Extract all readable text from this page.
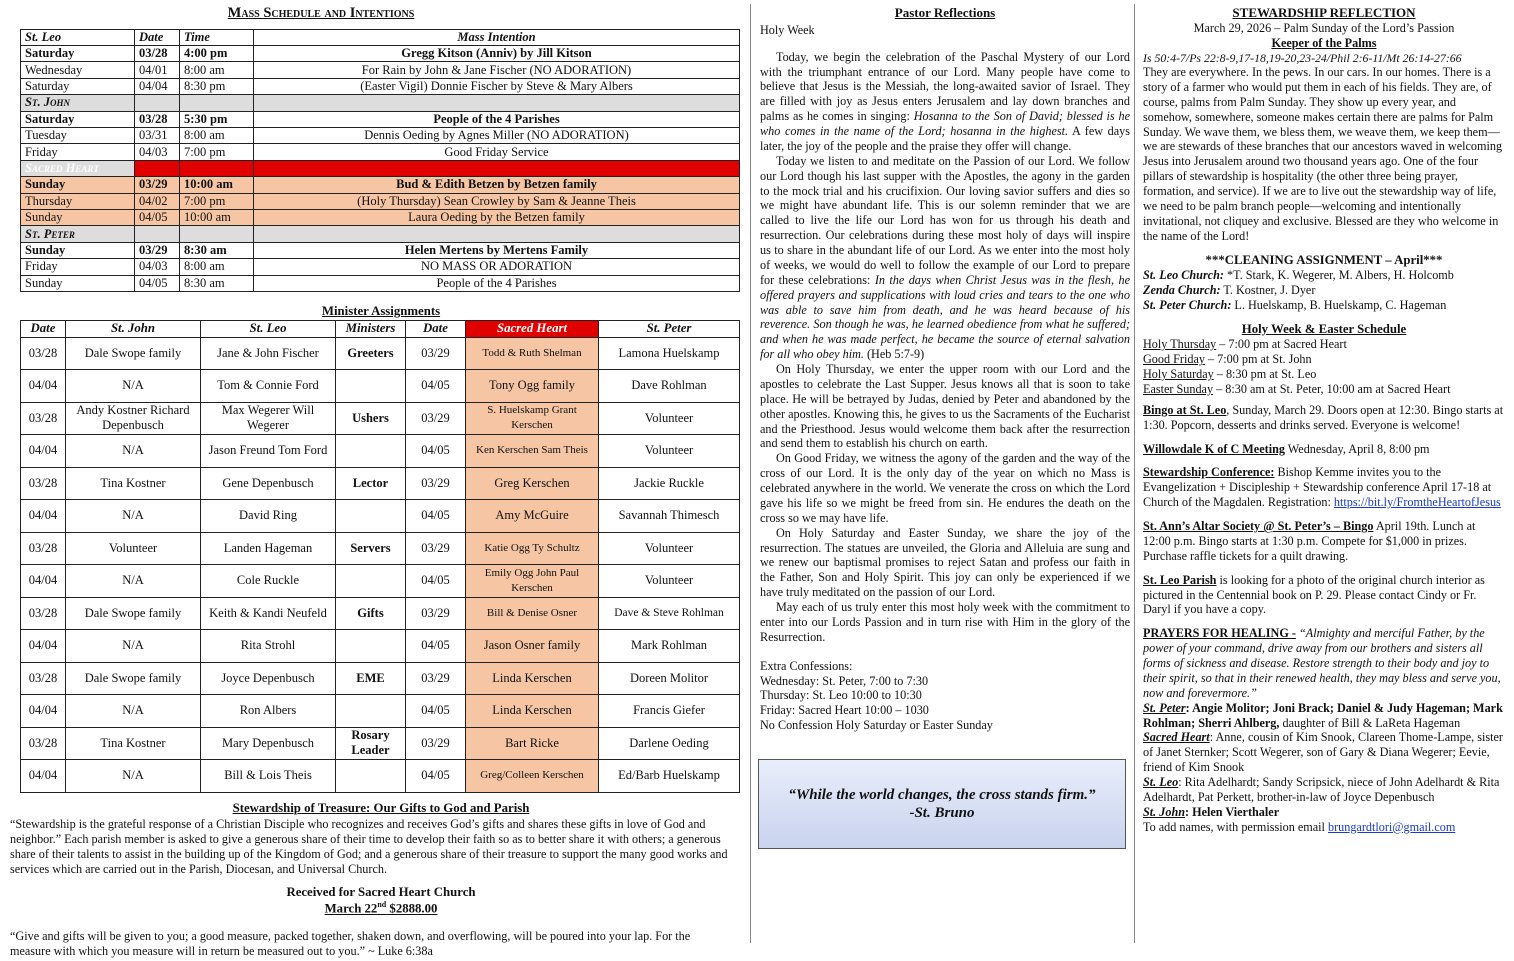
Mass Schedule and Intentions
St. Leo	Date	Time	Mass Intention
Saturday	03/28	4:00 pm	Gregg Kitson (Anniv) by Jill Kitson
Wednesday	04/01	8:00 am	For Rain by John & Jane Fischer (NO ADORATION)
Saturday	04/04	8:30 pm	(Easter Vigil) Donnie Fischer by Steve & Mary Albers
St. John			
Saturday	03/28	5:30 pm	People of the 4 Parishes
Tuesday	03/31	8:00 am	Dennis Oeding by Agnes Miller (NO ADORATION)
Friday	04/03	7:00 pm	Good Friday Service
Sacred Heart			
Sunday	03/29	10:00 am	Bud & Edith Betzen by Betzen family
Thursday	04/02	7:00 pm	(Holy Thursday) Sean Crowley by Sam & Jeanne Theis
Sunday	04/05	10:00 am	Laura Oeding by the Betzen family
St. Peter			
Sunday	03/29	8:30 am	Helen Mertens by Mertens Family
Friday	04/03	8:00 am	NO MASS OR ADORATION
Sunday	04/05	8:30 am	People of the 4 Parishes
Minister Assignments
Date	St. John	St. Leo	Ministers	Date	Sacred Heart	St. Peter
03/28	Dale Swope family	Jane & John Fischer	Greeters	03/29	Todd & Ruth Shelman	Lamona Huelskamp
04/04	N/A	Tom & Connie Ford		04/05	Tony Ogg family	Dave Rohlman
03/28	Andy Kostner Richard Depenbusch	Max Wegerer Will Wegerer	Ushers	03/29	S. Huelskamp Grant Kerschen	Volunteer
04/04	N/A	Jason Freund Tom Ford		04/05	Ken Kerschen Sam Theis	Volunteer
03/28	Tina Kostner	Gene Depenbusch	Lector	03/29	Greg Kerschen	Jackie Ruckle
04/04	N/A	David Ring		04/05	Amy McGuire	Savannah Thimesch
03/28	Volunteer	Landen Hageman	Servers	03/29	Katie Ogg Ty Schultz	Volunteer
04/04	N/A	Cole Ruckle		04/05	Emily Ogg John Paul Kerschen	Volunteer
03/28	Dale Swope family	Keith & Kandi Neufeld	Gifts	03/29	Bill & Denise Osner	Dave & Steve Rohlman
04/04	N/A	Rita Strohl		04/05	Jason Osner family	Mark Rohlman
03/28	Dale Swope family	Joyce Depenbusch	EME	03/29	Linda Kerschen	Doreen Molitor
04/04	N/A	Ron Albers		04/05	Linda Kerschen	Francis Giefer
03/28	Tina Kostner	Mary Depenbusch	Rosary Leader	03/29	Bart Ricke	Darlene Oeding
04/04	N/A	Bill & Lois Theis		04/05	Greg/Colleen Kerschen	Ed/Barb Huelskamp
Stewardship of Treasure: Our Gifts to God and Parish

“Stewardship is the grateful response of a Christian Disciple who recognizes and receives God’s gifts and shares these gifts in love of God and neighbor.” Each parish member is asked to give a generous share of their time to develop their faith so as to better share it with others; a generous share of their talents to assist in the building up of the Kingdom of God; and a generous share of their treasure to support the many good works and services which are carried out in the Parish, Diocesan, and Universal Church.

Received for Sacred Heart Church
March 22nd $2888.00

“Give and gifts will be given to you; a good measure, packed together, shaken down, and overflowing, will be poured into your lap. For the measure with which you measure will in return be measured out to you.” ~ Luke 6:38a

Pastor Reflections
Holy Week

Today, we begin the celebration of the Paschal Mystery of our Lord with the triumphant entrance of our Lord. Many people have come to believe that Jesus is the Messiah, the long-awaited savior of Israel. They are filled with joy as Jesus enters Jerusalem and lay down branches and palms as he comes in singing: Hosanna to the Son of David; blessed is he who comes in the name of the Lord; hosanna in the highest. A few days later, the joy of the people and the praise they offer will change.

Today we listen to and meditate on the Passion of our Lord. We follow our Lord though his last supper with the Apostles, the agony in the garden to the mock trial and his crucifixion. Our loving savior suffers and dies so we might have abundant life. This is our solemn reminder that we are called to live the life our Lord has won for us through his death and resurrection. Our celebrations during these most holy of days will inspire us to share in the abundant life of our Lord. As we enter into the most holy of weeks, we would do well to follow the example of our Lord to prepare for these celebrations: In the days when Christ Jesus was in the flesh, he offered prayers and supplications with loud cries and tears to the one who was able to save him from death, and he was heard because of his reverence. Son though he was, he learned obedience from what he suffered; and when he was made perfect, he became the source of eternal salvation for all who obey him. (Heb 5:7-9)

On Holy Thursday, we enter the upper room with our Lord and the apostles to celebrate the Last Supper. Jesus knows all that is soon to take place. He will be betrayed by Judas, denied by Peter and abandoned by the other apostles. Knowing this, he gives to us the Sacraments of the Eucharist and the Priesthood. Jesus would welcome them back after the resurrection and send them to establish his church on earth.

On Good Friday, we witness the agony of the garden and the way of the cross of our Lord. It is the only day of the year on which no Mass is celebrated anywhere in the world. We venerate the cross on which the Lord gave his life so we might be freed from sin. He endures the death on the cross so we may have life.

On Holy Saturday and Easter Sunday, we share the joy of the resurrection. The statues are unveiled, the Gloria and Alleluia are sung and we renew our baptismal promises to reject Satan and profess our faith in the Father, Son and Holy Spirit. This joy can only be experienced if we have truly meditated on the passion of our Lord.

May each of us truly enter this most holy week with the commitment to enter into our Lords Passion and in turn rise with Him in the glory of the Resurrection.

Extra Confessions:
Wednesday: St. Peter, 7:00 to 7:30
Thursday: St. Leo 10:00 to 10:30
Friday: Sacred Heart 10:00 – 1030
No Confession Holy Saturday or Easter Sunday
“While the world changes, the cross stands firm.”
-St. Bruno
STEWARDSHIP REFLECTION
March 29, 2026 – Palm Sunday of the Lord’s Passion
Keeper of the Palms
Is 50:4-7/Ps 22:8-9,17-18,19-20,23-24/Phil 2:6-11/Mt 26:14-27:66

They are everywhere. In the pews. In our cars. In our homes. There is a story of a farmer who would put them in each of his fields. They are, of course, palms from Palm Sunday. They show up every year, and somehow, somewhere, someone makes certain there are palms for Palm Sunday. We wave them, we bless them, we weave them, we keep them—we are stewards of these branches that our ancestors waved in welcoming Jesus into Jerusalem around two thousand years ago. One of the four pillars of stewardship is hospitality (the other three being prayer, formation, and service). If we are to live out the stewardship way of life, we need to be palm branch people—welcoming and intentionally invitational, not cliquey and exclusive. Blessed are they who welcome in the name of the Lord!

***CLEANING ASSIGNMENT – April***
St. Leo Church: *T. Stark, K. Wegerer, M. Albers, H. Holcomb
Zenda Church: T. Kostner, J. Dyer
St. Peter Church: L. Huelskamp, B. Huelskamp, C. Hageman
Holy Week & Easter Schedule
Holy Thursday – 7:00 pm at Sacred Heart
Good Friday – 7:00 pm at St. John
Holy Saturday – 8:30 pm at St. Leo
Easter Sunday – 8:30 am at St. Peter, 10:00 am at Sacred Heart

Bingo at St. Leo, Sunday, March 29. Doors open at 12:30. Bingo starts at 1:30. Popcorn, desserts and drinks served. Everyone is welcome!

Willowdale K of C Meeting Wednesday, April 8, 8:00 pm

Stewardship Conference: Bishop Kemme invites you to the Evangelization + Discipleship + Stewardship conference April 17-18 at Church of the Magdalen. Registration: https://bit.ly/FromtheHeartofJesus

St. Ann’s Altar Society @ St. Peter’s – Bingo April 19th. Lunch at 12:00 p.m. Bingo starts at 1:30 p.m. Compete for $1,000 in prizes. Purchase raffle tickets for a quilt drawing.

St. Leo Parish is looking for a photo of the original church interior as pictured in the Centennial book on P. 29. Please contact Cindy or Fr. Daryl if you have a copy.

PRAYERS FOR HEALING - “Almighty and merciful Father, by the power of your command, drive away from our brothers and sisters all forms of sickness and disease. Restore strength to their body and joy to their spirit, so that in their renewed health, they may bless and serve you, now and forevermore.”

St. Peter: Angie Molitor; Joni Brack; Daniel & Judy Hageman; Mark Rohlman; Sherri Ahlberg, daughter of Bill & LaReta Hageman

Sacred Heart: Anne, cousin of Kim Snook, Clareen Thome-Lampe, sister of Janet Sternker; Scott Wegerer, son of Gary & Diana Wegerer; Eevie, friend of Kim Snook

St. Leo: Rita Adelhardt; Sandy Scripsick, niece of John Adelhardt & Rita Adelhardt, Pat Perkett, brother-in-law of Joyce Depenbusch

St. John: Helen Vierthaler

To add names, with permission email brungardtlori@gmail.com
